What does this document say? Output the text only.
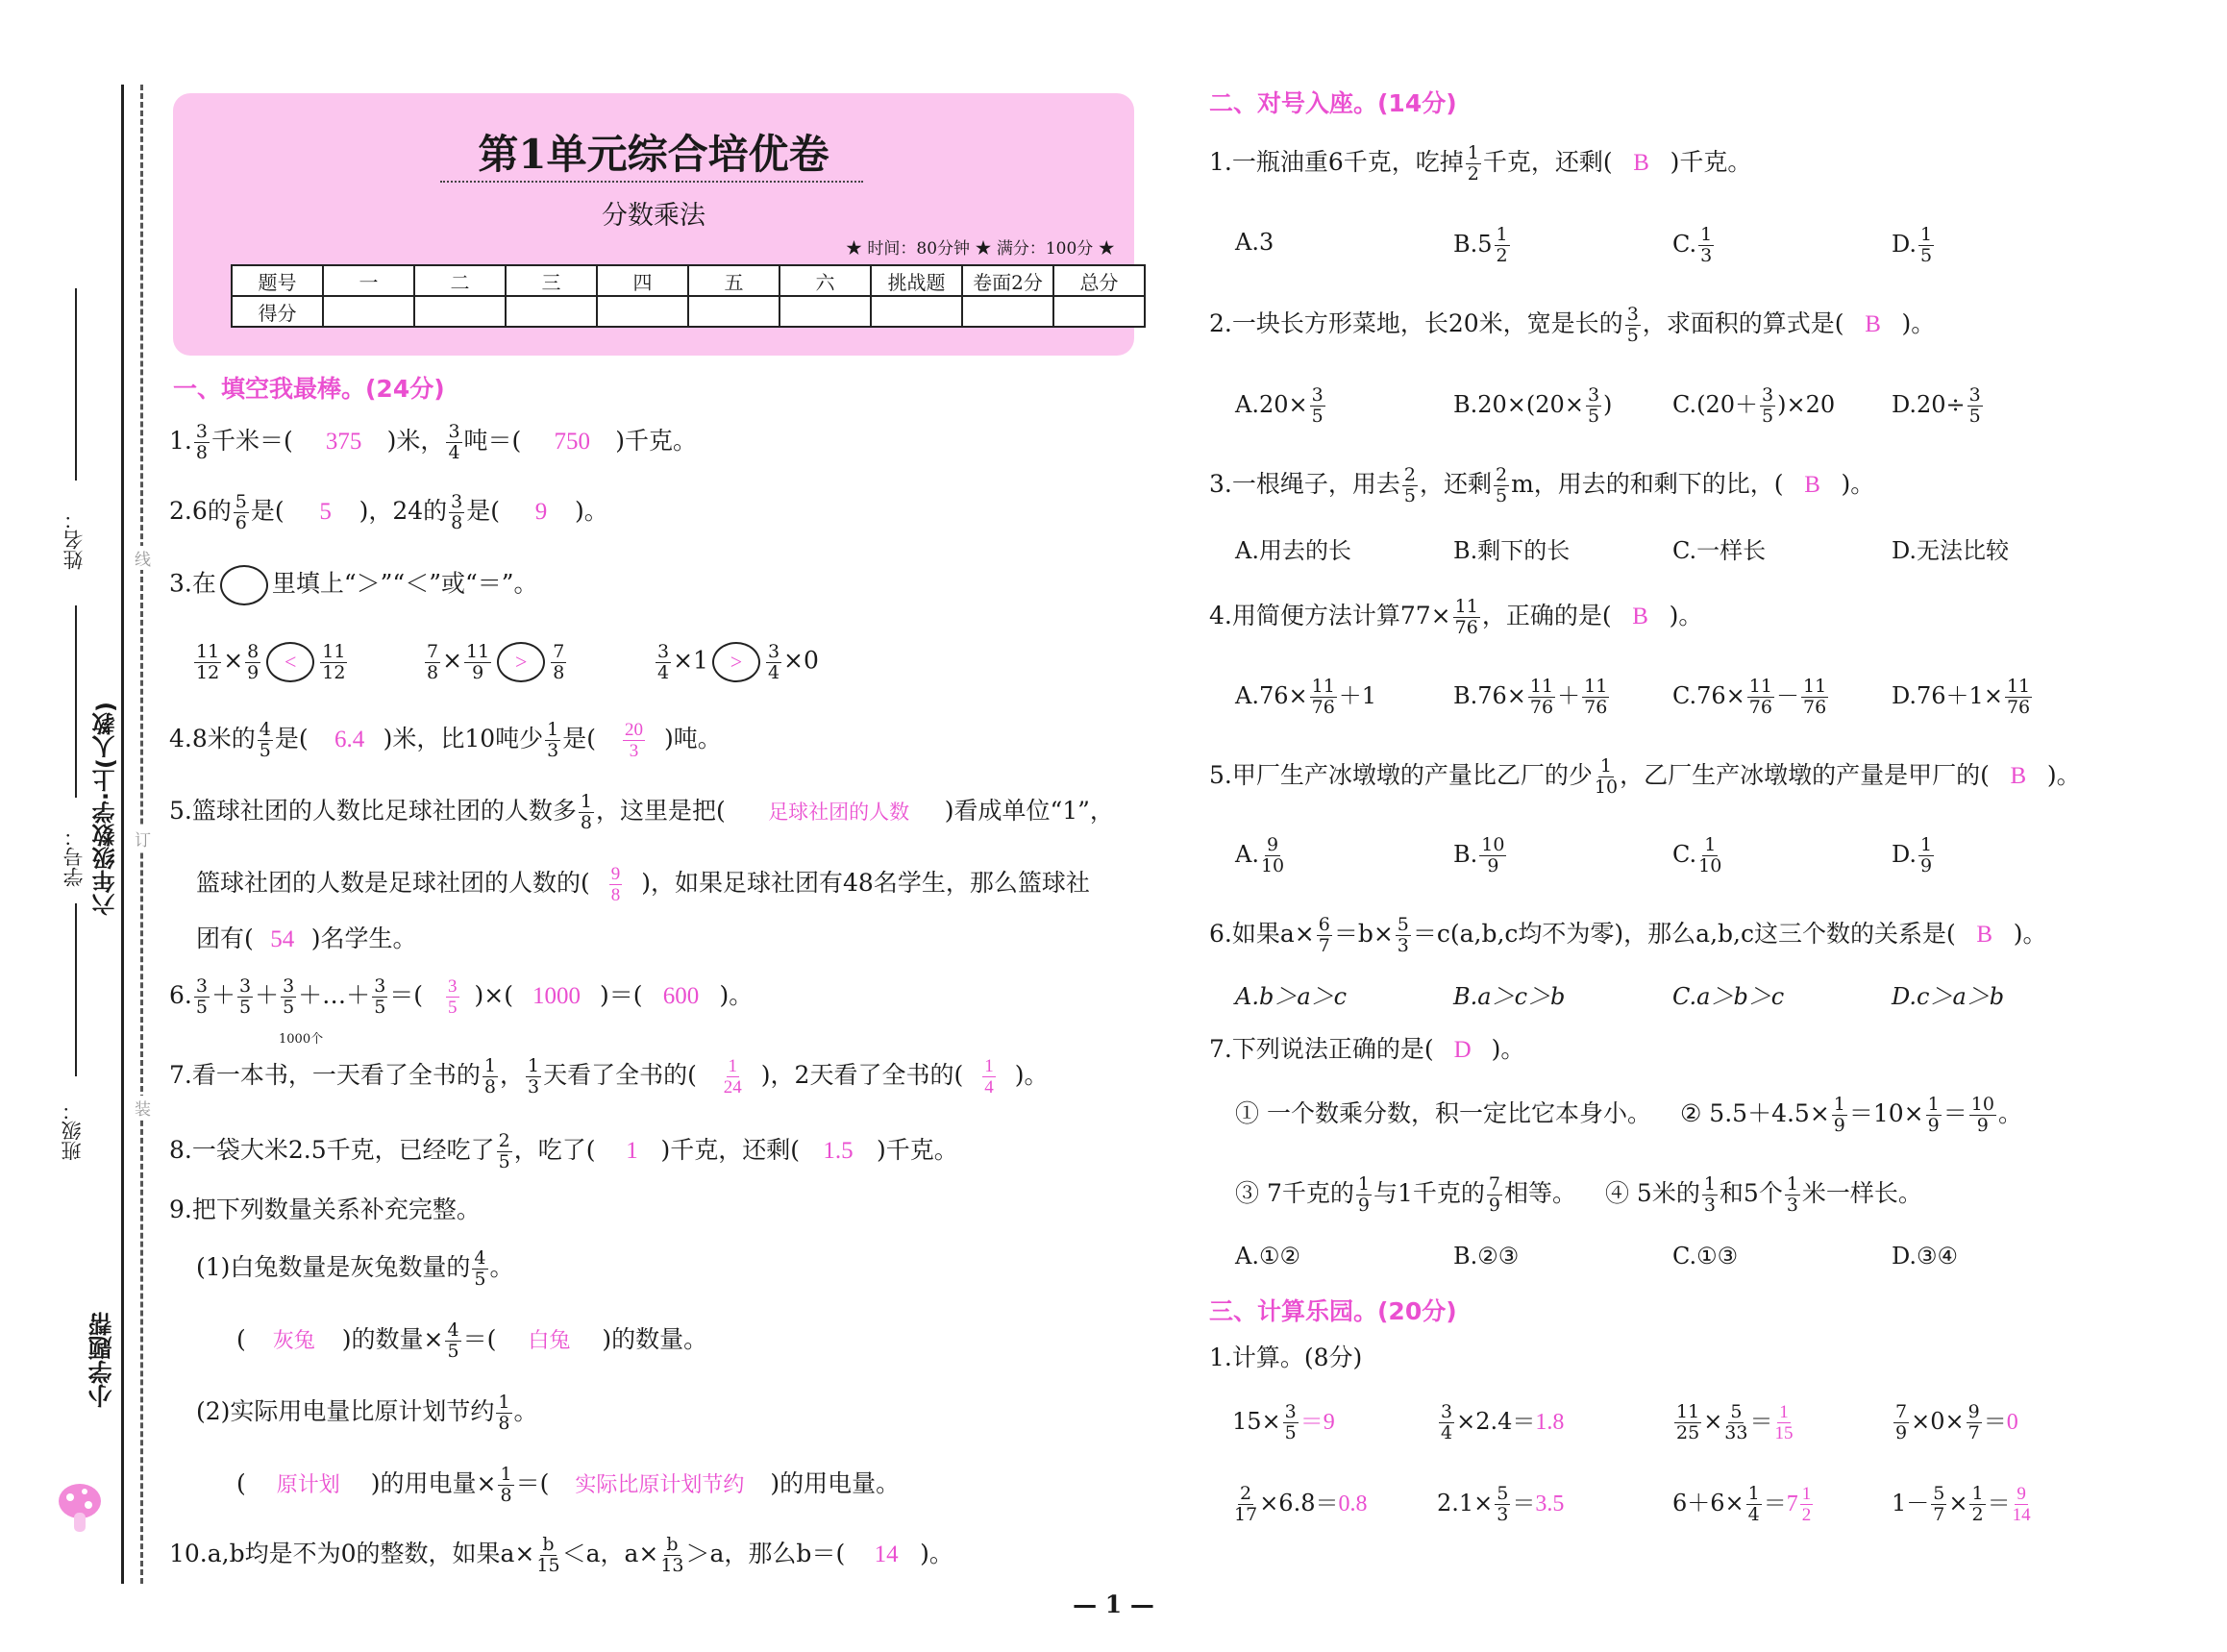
姓名：
学号：
班级：
六年级数学·上(人教)
小学题帮
线
订
装
第1单元综合培优卷
分数乘法
★ 时间：80分钟 ★ 满分：100分 ★
题号	一	二	三	四	五	六	挑战题	卷面2分	总分
得分									
一、填空我最棒。(24分)
1. $\frac{3}{8}$ 千米＝( 375 )米， $\frac{3}{4}$ 吨＝( 750 )千克。
2.6的 $\frac{5}{6}$ 是( 5 )，24的 $\frac{3}{8}$ 是( 9 )。
3.在 里填上“＞”“＜”或“＝”。
$\frac{11}{12} \times \frac{8}{9} < \frac{11}{12}$	$\frac{7}{8} \times \frac{11}{9} > \frac{7}{8}$	$\frac{3}{4} \times 1 > \frac{3}{4} \times 0$
4.8米的 $\frac{4}{5}$ 是( 6.4 )米，比10吨少 $\frac{1}{3}$ 是( $\frac{20}{3}$ )吨。
5.篮球社团的人数比足球社团的人数多 $\frac{1}{8}$ ，这里是把( 足球社团的人数 )看成单位“1”，
篮球社团的人数是足球社团的人数的( $\frac{9}{8}$ )，如果足球社团有48名学生，那么篮球社
团有( 54 )名学生。
6. $\frac{3}{5} + \frac{3}{5} + \frac{3}{5}$ ＋…＋ $\frac{3}{5}$ ＝( $\frac{3}{5}$ )×( 1000 )＝( 600 )。
1000个
7.看一本书，一天看了全书的 $\frac{1}{8}$ ， $\frac{1}{3}$ 天看了全书的( $\frac{1}{24}$ )，2天看了全书的( $\frac{1}{4}$ )。
8.一袋大米2.5千克，已经吃了 $\frac{2}{5}$ ，吃了( 1 )千克，还剩( 1.5 )千克。
9.把下列数量关系补充完整。
(1)白兔数量是灰兔数量的 $\frac{4}{5}$ 。
( 灰兔 )的数量× $\frac{4}{5}$ ＝( 白兔 )的数量。
(2)实际用电量比原计划节约 $\frac{1}{8}$ 。
( 原计划 )的用电量× $\frac{1}{8}$ ＝( 实际比原计划节约 )的用电量。
10.a,b均是不为0的整数，如果$a\times \frac{b}{15} <a$，$a\times \frac{b}{13} >a$，那么b＝( 14 )。
二、对号入座。(14分)
1.一瓶油重6千克，吃掉 $\frac{1}{2}$ 千克，还剩( B )千克。
A.3	$B.5 \frac{1}{2}$	C. $\frac{1}{3}$	D. $\frac{1}{5}$
2.一块长方形菜地，长20米，宽是长的 $\frac{3}{5}$ ，求面积的算式是( B )。
$A.20\times \frac{3}{5}$	$B.20\times(20\times \frac{3}{5}$ )	$C.(20+ \frac{3}{5} )\times 20$ $D.20\div \frac{3}{5}$
3.一根绳子，用去 $\frac{2}{5}$ ，还剩 $\frac{2}{5}$ m，用去的和剩下的比，( B )。
A.用去的长	B.剩下的长	C.一样长	D.无法比较
4.用简便方法计算$77\times \frac{11}{76}$ ，正确的是( B )。
$A.76\times \frac{11}{76} +1$	$B.76\times \frac{11}{76} + \frac{11}{76}$	$C.76\times \frac{11}{76} - \frac{11}{76}$	$D.76+1\times \frac{11}{76}$
5.甲厂生产冰墩墩的产量比乙厂的少 $\frac{1}{10}$ ，乙厂生产冰墩墩的产量是甲厂的( B )。
A. $\frac{9}{10}$	B. $\frac{10}{9}$	C. $\frac{1}{10}$	D. $\frac{1}{9}$
6.如果$a\times \frac{6}{7} =b\times \frac{5}{3} =c(a,b,c$均不为零)，那么a,b,c这三个数的关系是( B )。
A.b＞a＞c	B.a＞c＞b	C.a＞b＞c	D.c＞a＞b
7.下列说法正确的是( D )。
① 一个数乘分数，积一定比它本身小。 ② $5.5+4.5\times \frac{1}{9} =10\times \frac{1}{9} = \frac{10}{9}$ 。
③ 7千克的 $\frac{1}{9}$ 与1千克的 $\frac{7}{9}$ 相等。 ④ 5米的 $\frac{1}{3}$ 和5个 $\frac{1}{3}$ 米一样长。
A.①②	B.②③	C.①③	D.③④
三、计算乐园。(20分)
1.计算。(8分)
$15\times \frac{3}{5} =9$	$\frac{3}{4} \times 2.4=1.8$	$\frac{11}{25} \times \frac{5}{33} = \frac{1}{15}$	$\frac{7}{9} \times 0\times \frac{9}{7} =0$
$\frac{2}{17} \times 6.8=0.8$	$2.1\times \frac{5}{3} =3.5$	$6+6\times \frac{1}{4} =7 \frac{1}{2}$	$1- \frac{5}{7} \times \frac{1}{2} = \frac{9}{14}$
— 1 —
